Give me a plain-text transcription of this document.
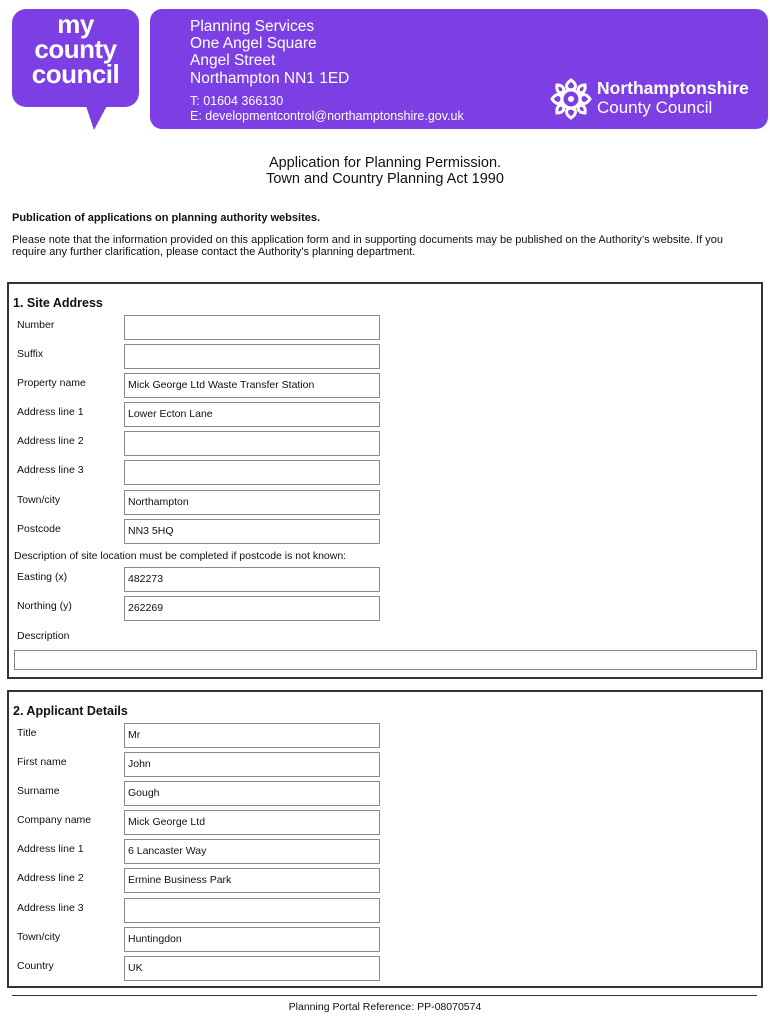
my
county
council
Planning Services
One Angel Square
Angel Street
Northampton NN1 1ED
T: 01604 366130
E: developmentcontrol@northamptonshire.gov.uk
Northamptonshire
County Council
Application for Planning Permission.
Town and Country Planning Act 1990
Publication of applications on planning authority websites.
Please note that the information provided on this application form and in supporting documents may be published on the Authority’s website. If you require any further clarification, please contact the Authority’s planning department.
1. Site Address
Number
Suffix
Property name	Mick George Ltd Waste Transfer Station
Address line 1	Lower Ecton Lane
Address line 2
Address line 3
Town/city	Northampton
Postcode	NN3 5HQ
Description of site location must be completed if postcode is not known:
Easting (x)	482273
Northing (y)	262269
Description
2. Applicant Details
Title	Mr
First name	John
Surname	Gough
Company name	Mick George Ltd
Address line 1	6 Lancaster Way
Address line 2	Ermine Business Park
Address line 3
Town/city	Huntingdon
Country	UK
Planning Portal Reference: PP-08070574
